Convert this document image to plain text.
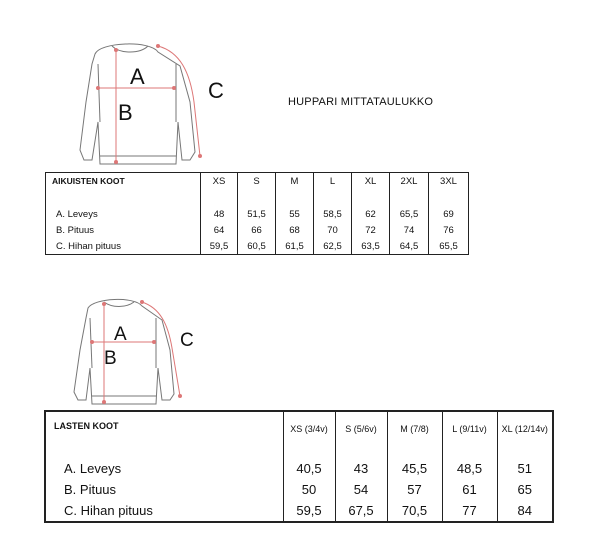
HUPPARI MITTATAULUKKO
A
B
C
A
B
C
AIKUISTEN KOOT	XS	S	M	L	XL	2XL	3XL
A. Leveys	48	51,5	55	58,5	62	65,5	69
B. Pituus	64	66	68	70	72	74	76
C. Hihan pituus	59,5	60,5	61,5	62,5	63,5	64,5	65,5
LASTEN KOOT	XS (3/4v)	S (5/6v)	M (7/8)	L (9/11v)	XL (12/14v)
A. Leveys	40,5	43	45,5	48,5	51
B. Pituus	50	54	57	61	65
C. Hihan pituus	59,5	67,5	70,5	77	84
